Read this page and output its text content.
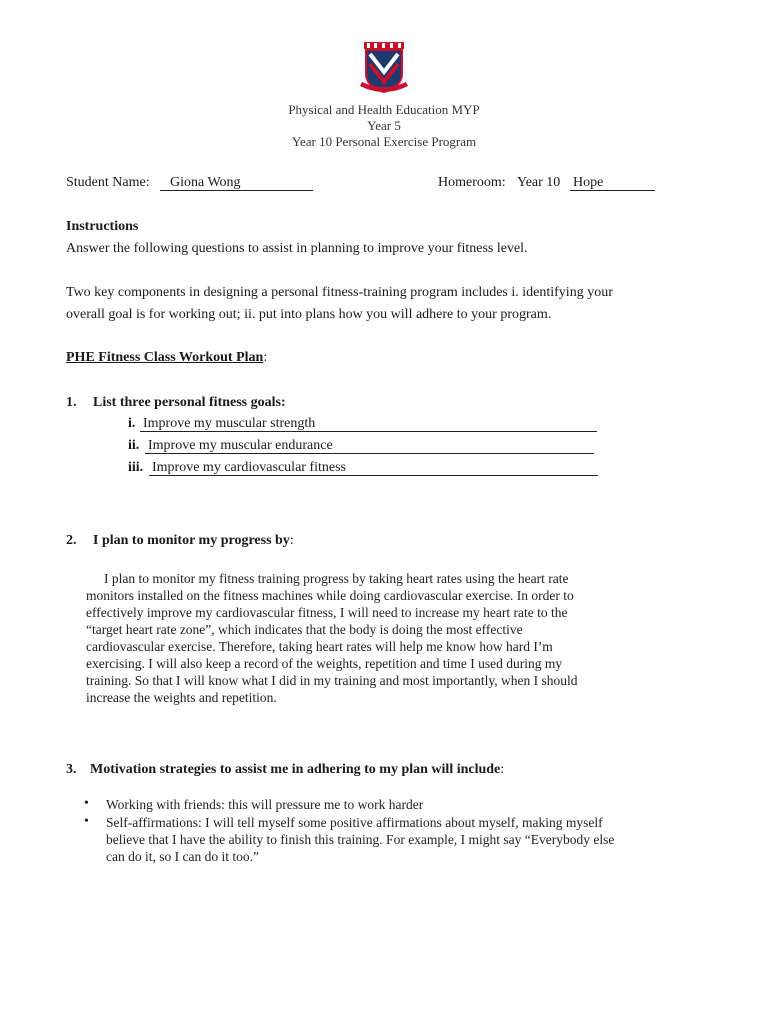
Physical and Health Education MYP
Year 5
Year 10 Personal Exercise Program
Student Name: Giona Wong	Homeroom: Year 10 Hope
Instructions
Answer the following questions to assist in planning to improve your fitness level.
Two key components in designing a personal fitness-training program includes i. identifying your
overall goal is for working out; ii. put into plans how you will adhere to your program.
PHE Fitness Class Workout Plan:
1. List three personal fitness goals:
i. Improve my muscular strength
ii. Improve my muscular endurance
iii. Improve my cardiovascular fitness
2. I plan to monitor my progress by:
I plan to monitor my fitness training progress by taking heart rates using the heart rate
monitors installed on the fitness machines while doing cardiovascular exercise. In order to
effectively improve my cardiovascular fitness, I will need to increase my heart rate to the
“target heart rate zone”, which indicates that the body is doing the most effective
cardiovascular exercise. Therefore, taking heart rates will help me know how hard I’m
exercising. I will also keep a record of the weights, repetition and time I used during my
training. So that I will know what I did in my training and most importantly, when I should
increase the weights and repetition.
3. Motivation strategies to assist me in adhering to my plan will include:
• Working with friends: this will pressure me to work harder
• Self-affirmations: I will tell myself some positive affirmations about myself, making myself
believe that I have the ability to finish this training. For example, I might say “Everybody else
can do it, so I can do it too.”
